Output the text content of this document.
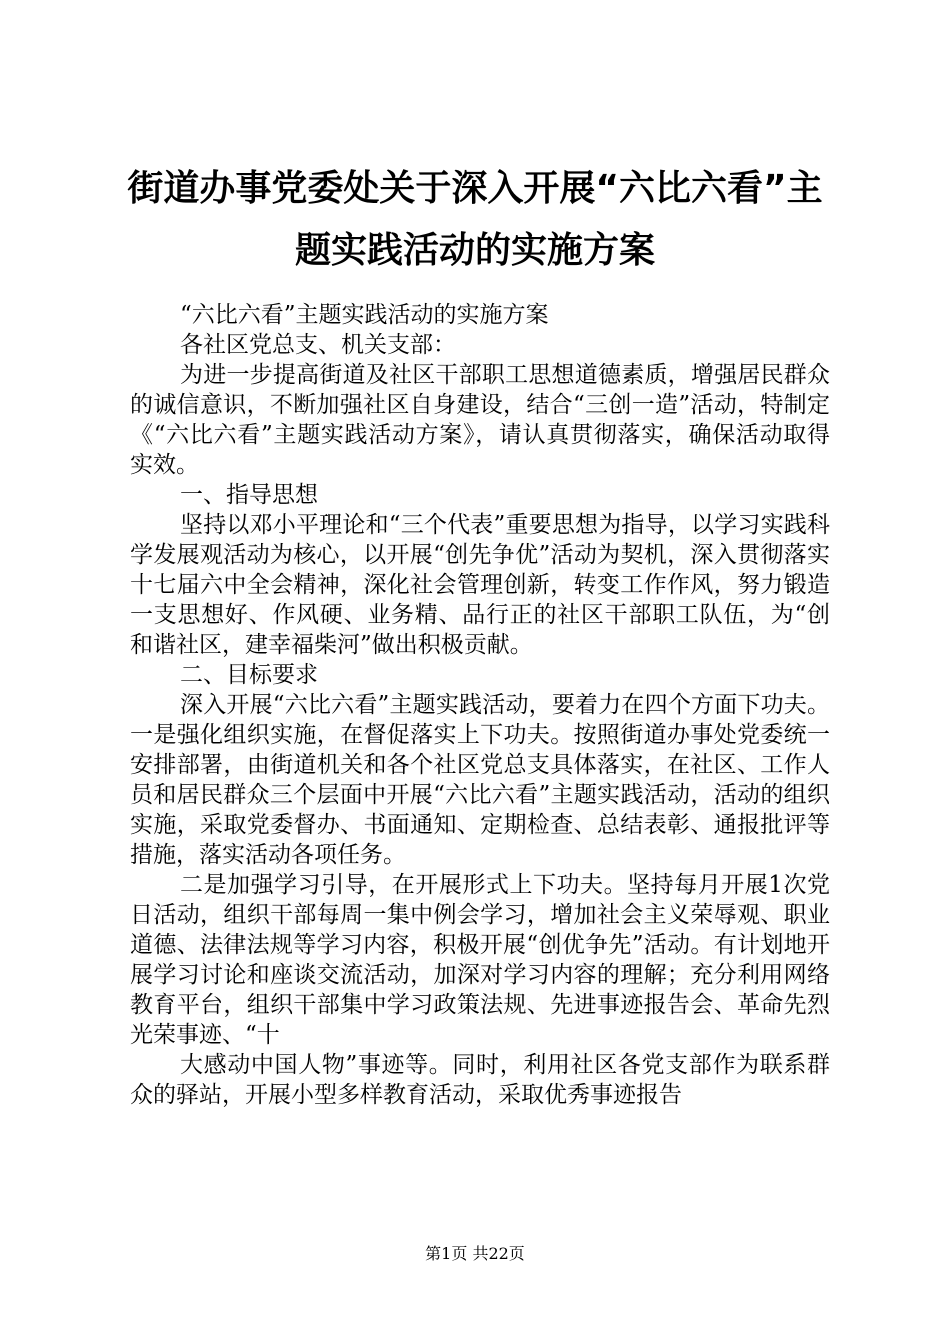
街道办事党委处关于深入开展“六比六看”主
题实践活动的实施方案

“六比六看”主题实践活动的实施方案

各社区党总支、机关支部：

为进一步提高街道及社区干部职工思想道德素质，增强居民群众的诚信意识，不断加强社区自身建设，结合“三创一造”活动，特制定《“六比六看”主题实践活动方案》，请认真贯彻落实，确保活动取得实效。

一、指导思想

坚持以邓小平理论和“三个代表”重要思想为指导，以学习实践科学发展观活动为核心，以开展“创先争优”活动为契机，深入贯彻落实十七届六中全会精神，深化社会管理创新，转变工作作风，努力锻造一支思想好、作风硬、业务精、品行正的社区干部职工队伍，为“创和谐社区，建幸福柴河”做出积极贡献。

二、目标要求

深入开展“六比六看”主题实践活动，要着力在四个方面下功夫。一是强化组织实施，在督促落实上下功夫。按照街道办事处党委统一安排部署，由街道机关和各个社区党总支具体落实，在社区、工作人员和居民群众三个层面中开展“六比六看”主题实践活动，活动的组织实施，采取党委督办、书面通知、定期检查、总结表彰、通报批评等措施，落实活动各项任务。

二是加强学习引导，在开展形式上下功夫。坚持每月开展1次党日活动，组织干部每周一集中例会学习，增加社会主义荣辱观、职业道德、法律法规等学习内容，积极开展“创优争先”活动。有计划地开展学习讨论和座谈交流活动，加深对学习内容的理解；充分利用网络教育平台，组织干部集中学习政策法规、先进事迹报告会、革命先烈光荣事迹、“十

大感动中国人物”事迹等。同时，利用社区各党支部作为联系群众的驿站，开展小型多样教育活动，采取优秀事迹报告

第1页 共22页
